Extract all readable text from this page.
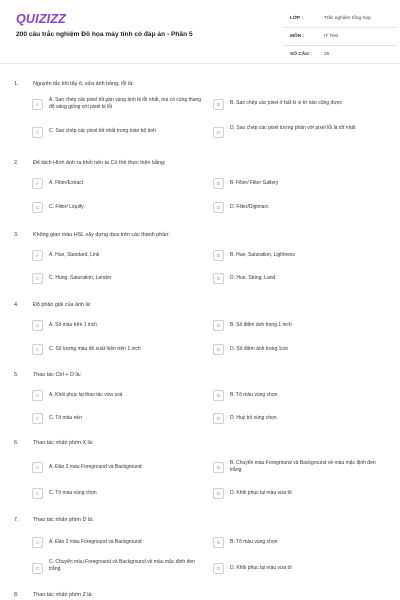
QUIZIZZ
200 câu trắc nghiệm Đồ họa máy tính có đáp án - Phần 5
LỚP :	Trắc nghiệm tổng hợp
MÔN :	IT Test
SỐ CÂU :	25
1.	Nguyên tắc khi tẩy ố, sửa ảnh hỏng, lỗi là:
A
A. Sao chép các pixel tốt gần vùng ảnh bị lỗi nhất, mà có cùng thang độ sáng giống với pixel bị lỗi	B	B. Sao chép các pixel ở bất kì vị trí nào cũng được
C	C. Sao chép các pixel tốt nhất trong toàn bộ ảnh	D
D. Sao chép các pixel tương phản với pixel lỗi là tốt nhất
2.	Để tách Hình ảnh ra khỏi nền ta Có thể thực hiện bằng:
A	A. Filter/Extract	B	B. Filter/ Filter Gallery
C	C. Filter/ Liquify	D	D. Filter/Digimarc
3.	Không gian màu HSL xây dựng dựa trên các thành phần:
A	A. Hue, Standard, Link	B	B. Hue, Saturation, Lightness
C	C. Hung, Saturation, Lender	D	D. Hue, String, Land
4.	Độ phân giải của ảnh là:
A	A. Số màu trên 1 inch	B	B. Số điểm ảnh trong 1 inch
C	C. Số lượng màu đỏ xuất hiện trên 1 inch	D	D. Số điểm ảnh trong 1cm
5.	Thao tác Ctrl + D là:
A	A. Khôi phục lại thao tác vừa xoá	B	B. Tô màu vùng chọn
C	C. Tô màu nền	D	D. Huỷ bỏ vùng chọn
6.	Thao tác nhấn phím X là:
A	A. Đảo 2 màu Foreground và Background	B
B. Chuyển màu Foreground và Background về màu mặc định đen trắng
C	C. Tô màu vùng chọn	D	D. Khôi phục lại màu vừa tô
7.	Thao tác nhấn phím D là:
A	A. Đảo 2 màu Foreground và Background	B	B. Tô màu vùng chọn
C
C. Chuyển màu Foreground và Background về màu mặc định đen trắng	D	D. Khôi phục lại màu vừa tô
8.	Thao tác nhấn phím Z là:
